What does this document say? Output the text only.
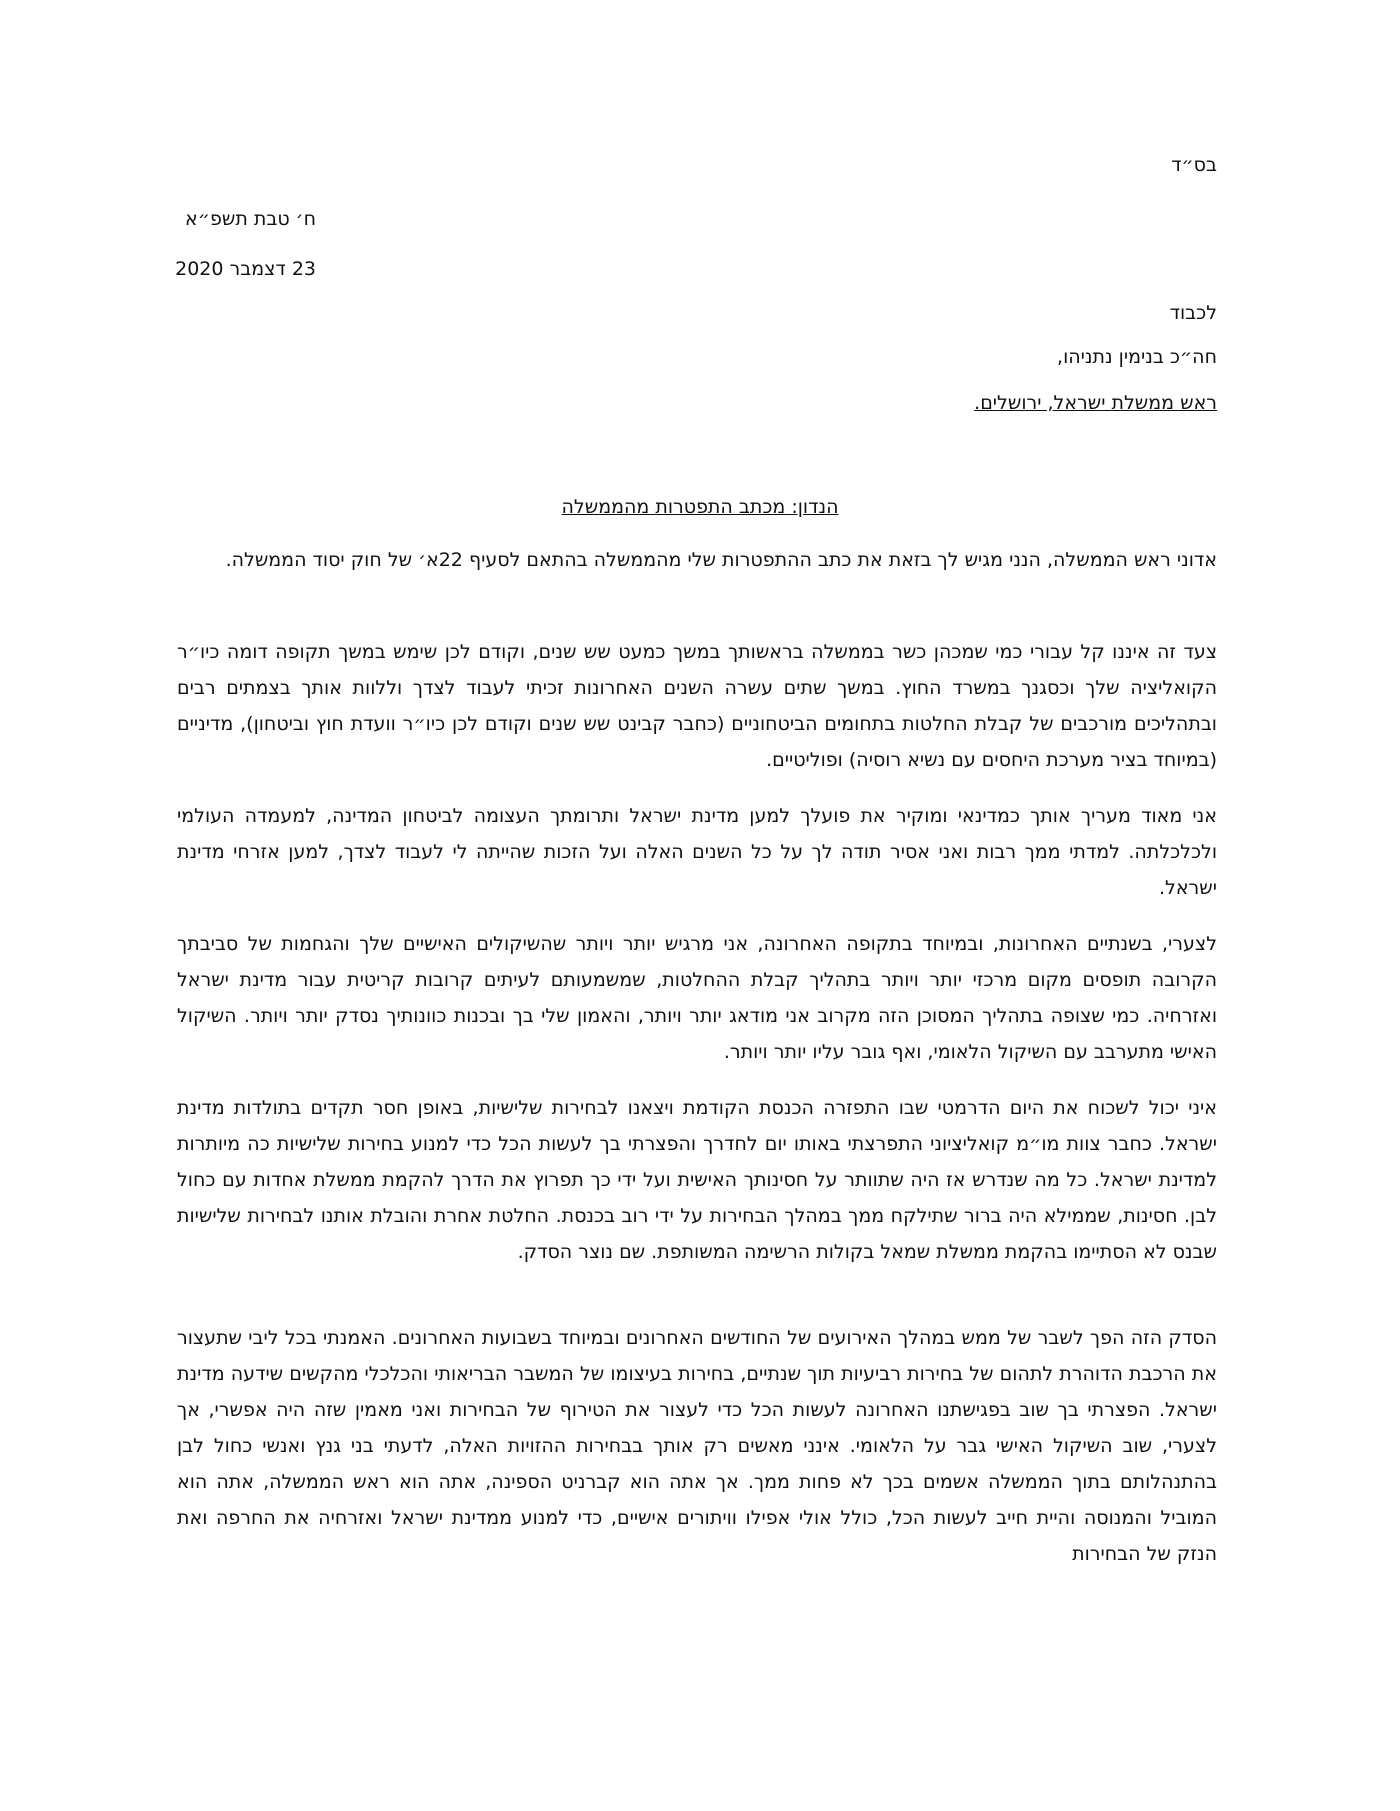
בס״ד
ח׳ טבת תשפ״א
23 דצמבר 2020
לכבוד
חה״כ בנימין נתניהו,
ראש ממשלת ישראל, ירושלים.
הנדון: מכתב התפטרות מהממשלה

אדוני ראש הממשלה, הנני מגיש לך בזאת את כתב ההתפטרות שלי מהממשלה בהתאם לסעיף 22א׳ של חוק יסוד הממשלה.

צעד זה איננו קל עבורי כמי שמכהן כשר בממשלה בראשותך במשך כמעט שש שנים, וקודם לכן שימש במשך תקופה דומה כיו״ר הקואליציה שלך וכסגנך במשרד החוץ. במשך שתים עשרה השנים האחרונות זכיתי לעבוד לצדך וללוות אותך בצמתים רבים ובתהליכים מורכבים של קבלת החלטות בתחומים הביטחוניים (כחבר קבינט שש שנים וקודם לכן כיו״ר וועדת חוץ וביטחון), מדיניים (במיוחד בציר מערכת היחסים עם נשיא רוסיה) ופוליטיים.

אני מאוד מעריך אותך כמדינאי ומוקיר את פועלך למען מדינת ישראל ותרומתך העצומה לביטחון המדינה, למעמדה העולמי ולכלכלתה. למדתי ממך רבות ואני אסיר תודה לך על כל השנים האלה ועל הזכות שהייתה לי לעבוד לצדך, למען אזרחי מדינת ישראל.

לצערי, בשנתיים האחרונות, ובמיוחד בתקופה האחרונה, אני מרגיש יותר ויותר שהשיקולים האישיים שלך והגחמות של סביבתך הקרובה תופסים מקום מרכזי יותר ויותר בתהליך קבלת ההחלטות, שמשמעותם לעיתים קרובות קריטית עבור מדינת ישראל ואזרחיה. כמי שצופה בתהליך המסוכן הזה מקרוב אני מודאג יותר ויותר, והאמון שלי בך ובכנות כוונותיך נסדק יותר ויותר. השיקול האישי מתערבב עם השיקול הלאומי, ואף גובר עליו יותר ויותר.

איני יכול לשכוח את היום הדרמטי שבו התפזרה הכנסת הקודמת ויצאנו לבחירות שלישיות, באופן חסר תקדים בתולדות מדינת ישראל. כחבר צוות מו״מ קואליציוני התפרצתי באותו יום לחדרך והפצרתי בך לעשות הכל כדי למנוע בחירות שלישיות כה מיותרות למדינת ישראל. כל מה שנדרש אז היה שתוותר על חסינותך האישית ועל ידי כך תפרוץ את הדרך להקמת ממשלת אחדות עם כחול לבן. חסינות, שממילא היה ברור שתילקח ממך במהלך הבחירות על ידי רוב בכנסת. החלטת אחרת והובלת אותנו לבחירות שלישיות שבנס לא הסתיימו בהקמת ממשלת שמאל בקולות הרשימה המשותפת. שם נוצר הסדק.

הסדק הזה הפך לשבר של ממש במהלך האירועים של החודשים האחרונים ובמיוחד בשבועות האחרונים. האמנתי בכל ליבי שתעצור את הרכבת הדוהרת לתהום של בחירות רביעיות תוך שנתיים, בחירות בעיצומו של המשבר הבריאותי והכלכלי מהקשים שידעה מדינת ישראל. הפצרתי בך שוב בפגישתנו האחרונה לעשות הכל כדי לעצור את הטירוף של הבחירות ואני מאמין שזה היה אפשרי, אך לצערי, שוב השיקול האישי גבר על הלאומי. אינני מאשים רק אותך בבחירות ההזויות האלה, לדעתי בני גנץ ואנשי כחול לבן בהתנהלותם בתוך הממשלה אשמים בכך לא פחות ממך. אך אתה הוא קברניט הספינה, אתה הוא ראש הממשלה, אתה הוא המוביל והמנוסה והיית חייב לעשות הכל, כולל אולי אפילו וויתורים אישיים, כדי למנוע ממדינת ישראל ואזרחיה את החרפה ואת הנזק של הבחירות
